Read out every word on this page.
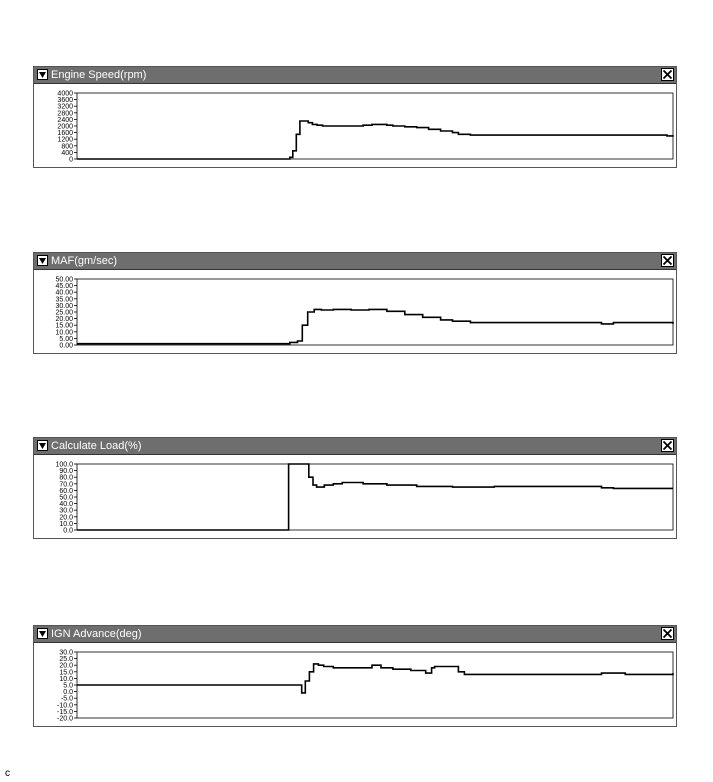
Engine Speed(rpm)
4000
3600
3200
2800
2400
2000
1600
1200
800
400
0
MAF(gm/sec)
50.00
45.00
40.00
35.00
30.00
25.00
20.00
15.00
10.00
5.00
0.00
Calculate Load(%)
100.0
90.0
80.0
70.0
60.0
50.0
40.0
30.0
20.0
10.0
0.0
IGN Advance(deg)
30.0
25.0
20.0
15.0
10.0
5.0
0.0
-5.0
-10.0
-15.0
-20.0
c
